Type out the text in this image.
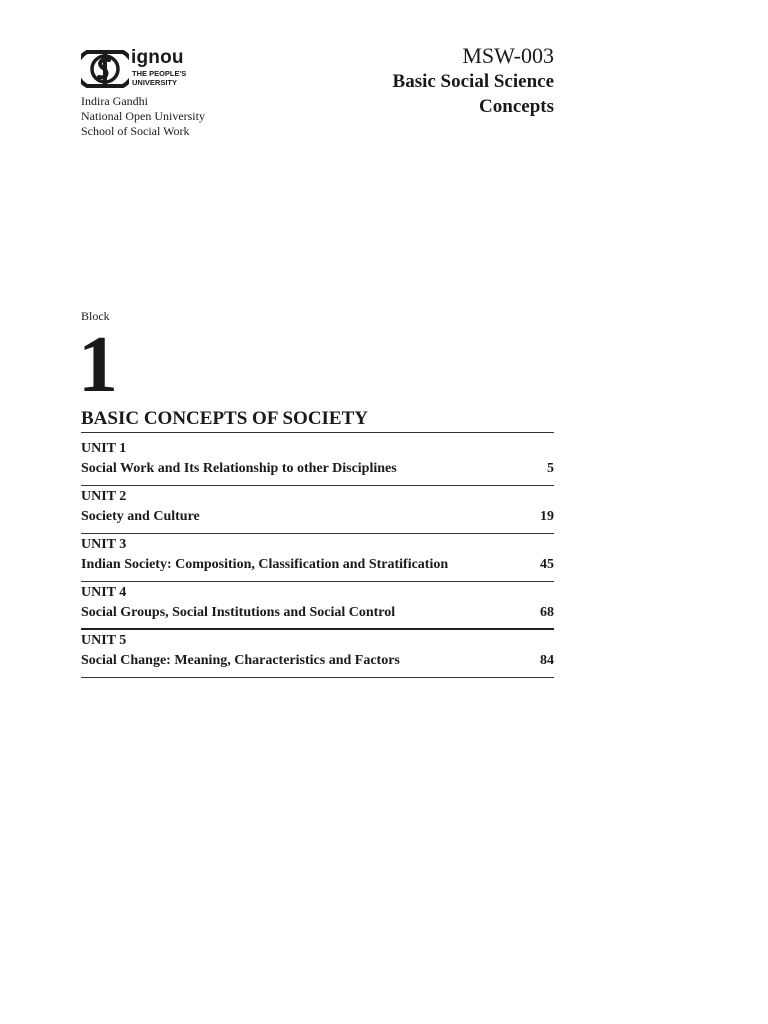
ignou
THE PEOPLE'S
UNIVERSITY
Indira Gandhi
National Open University
School of Social Work
MSW-003
Basic Social Science
Concepts
Block
1
BASIC CONCEPTS OF SOCIETY
UNIT 1
Social Work and Its Relationship to other Disciplines	5
UNIT 2
Society and Culture	19
UNIT 3
Indian Society: Composition, Classification and Stratification	45
UNIT 4
Social Groups, Social Institutions and Social Control	68
UNIT 5
Social Change: Meaning, Characteristics and Factors	84
